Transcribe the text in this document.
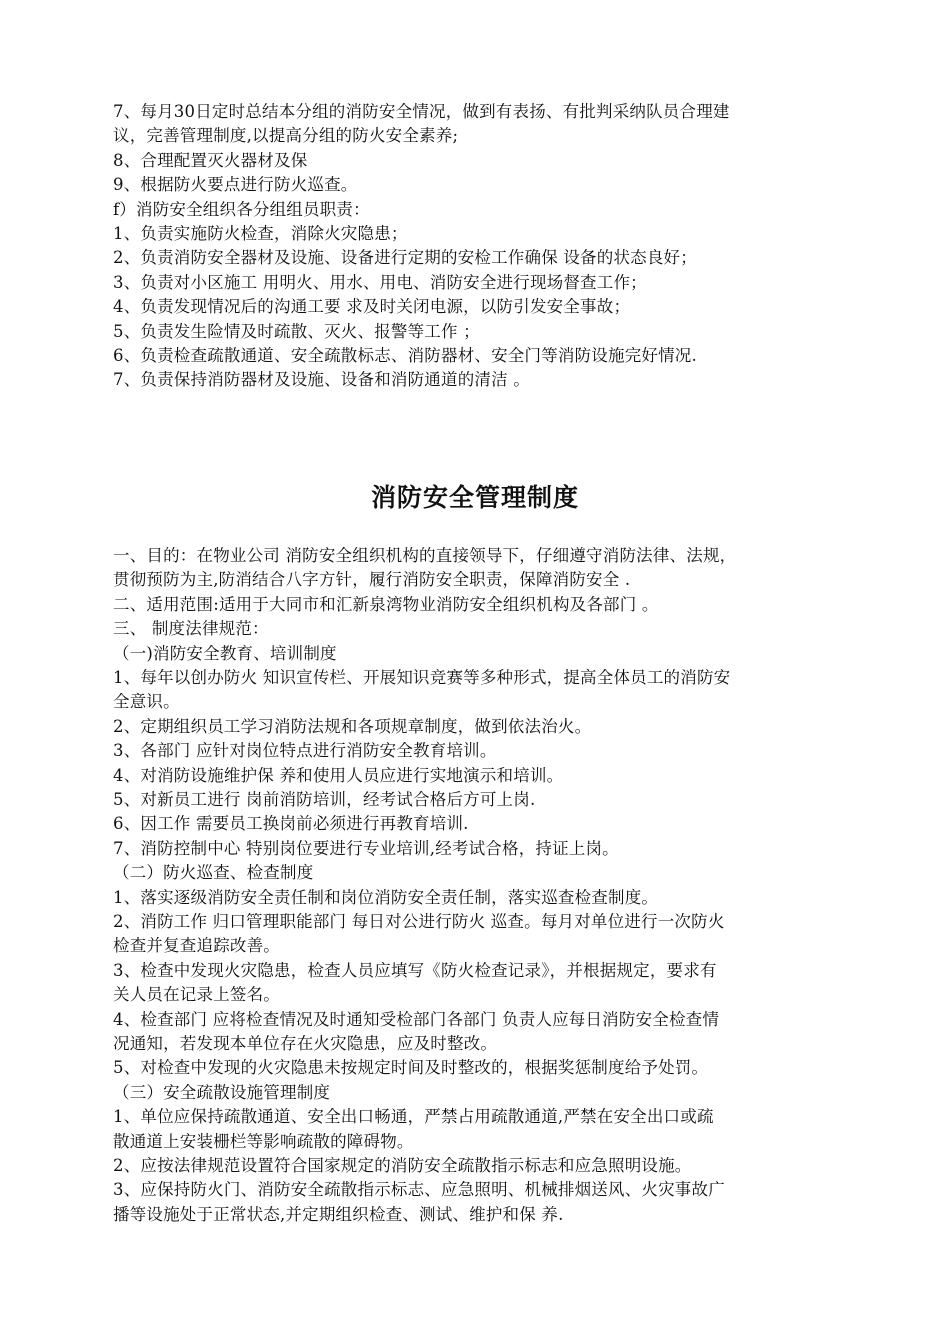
7、每月30日定时总结本分组的消防安全情况，做到有表扬、有批判采纳队员合理建
议，完善管理制度,以提高分组的防火安全素养;
8、合理配置灭火器材及保
9、根据防火要点进行防火巡查。
f）消防安全组织各分组组员职责：
1、负责实施防火检查，消除火灾隐患；
2、负责消防安全器材及设施、设备进行定期的安检工作确保 设备的状态良好；
3、负责对小区施工 用明火、用水、用电、消防安全进行现场督查工作；
4、负责发现情况后的沟通工要 求及时关闭电源，以防引发安全事故；
5、负责发生险情及时疏散、灭火、报警等工作 ；
6、负责检查疏散通道、安全疏散标志、消防器材、安全门等消防设施完好情况.
7、负责保持消防器材及设施、设备和消防通道的清洁 。
消防安全管理制度
一、目的：在物业公司 消防安全组织机构的直接领导下，仔细遵守消防法律、法规，
贯彻预防为主,防消结合八字方针，履行消防安全职责，保障消防安全 .
二、适用范围:适用于大同市和汇新泉湾物业消防安全组织机构及各部门 。
三、 制度法律规范：
（一)消防安全教育、培训制度
1、每年以创办防火 知识宣传栏、开展知识竞赛等多种形式，提高全体员工的消防安
全意识。
2、定期组织员工学习消防法规和各项规章制度，做到依法治火。
3、各部门 应针对岗位特点进行消防安全教育培训。
4、对消防设施维护保 养和使用人员应进行实地演示和培训。
5、对新员工进行 岗前消防培训，经考试合格后方可上岗.
6、因工作 需要员工换岗前必须进行再教育培训.
7、消防控制中心 特别岗位要进行专业培训,经考试合格，持证上岗。
（二）防火巡查、检查制度
1、落实逐级消防安全责任制和岗位消防安全责任制，落实巡查检查制度。
2、消防工作 归口管理职能部门 每日对公进行防火 巡查。每月对单位进行一次防火
检查并复查追踪改善。
3、检查中发现火灾隐患，检查人员应填写《防火检查记录》，并根据规定，要求有
关人员在记录上签名。
4、检查部门 应将检查情况及时通知受检部门各部门 负责人应每日消防安全检查情
况通知，若发现本单位存在火灾隐患，应及时整改。
5、对检查中发现的火灾隐患未按规定时间及时整改的，根据奖惩制度给予处罚。
（三）安全疏散设施管理制度
1、单位应保持疏散通道、安全出口畅通，严禁占用疏散通道,严禁在安全出口或疏
散通道上安装栅栏等影响疏散的障碍物。
2、应按法律规范设置符合国家规定的消防安全疏散指示标志和应急照明设施。
3、应保持防火门、消防安全疏散指示标志、应急照明、机械排烟送风、火灾事故广
播等设施处于正常状态,并定期组织检查、测试、维护和保 养.
